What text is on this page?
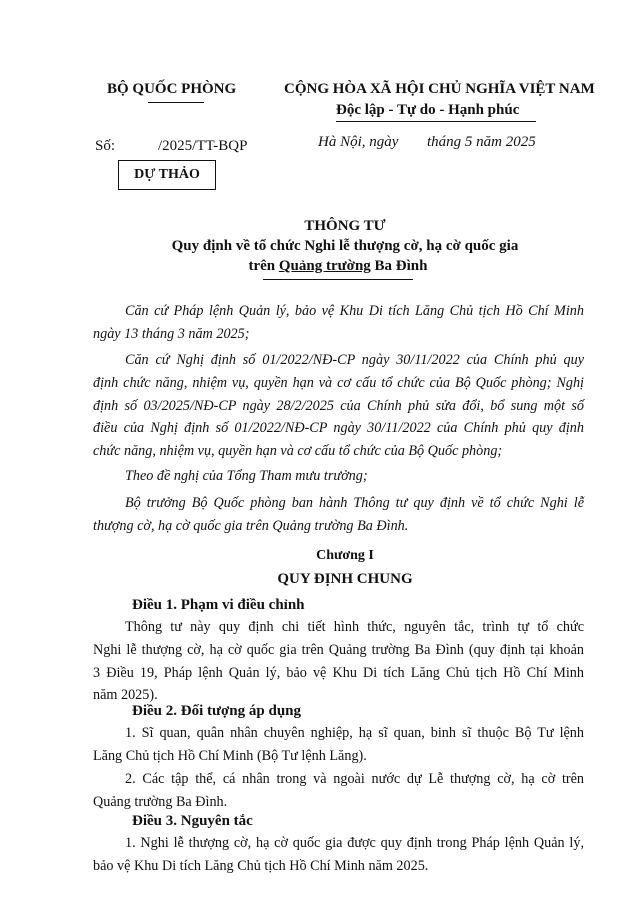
BỘ QUỐC PHÒNG	CỘNG HÒA XÃ HỘI CHỦ NGHĨA VIỆT NAM
Độc lập - Tự do - Hạnh phúc
Số:	/2025/TT-BQP	Hà Nội, ngày tháng 5 năm 2025
DỰ THẢO
THÔNG TƯ
Quy định về tổ chức Nghi lễ thượng cờ, hạ cờ quốc gia
trên Quảng trường Ba Đình
Căn cứ Pháp lệnh Quản lý, bảo vệ Khu Di tích Lăng Chủ tịch Hồ Chí Minh
ngày 13 tháng 3 năm 2025;
Căn cứ Nghị định số 01/2022/NĐ-CP ngày 30/11/2022 của Chính phủ quy
định chức năng, nhiệm vụ, quyền hạn và cơ cấu tổ chức của Bộ Quốc phòng; Nghị
định số 03/2025/NĐ-CP ngày 28/2/2025 của Chính phủ sửa đổi, bổ sung một số
điều của Nghị định số 01/2022/NĐ-CP ngày 30/11/2022 của Chính phủ quy định
chức năng, nhiệm vụ, quyền hạn và cơ cấu tổ chức của Bộ Quốc phòng;
Theo đề nghị của Tổng Tham mưu trưởng;
Bộ trưởng Bộ Quốc phòng ban hành Thông tư quy định về tổ chức Nghi lễ
thượng cờ, hạ cờ quốc gia trên Quảng trường Ba Đình.
Chương I
QUY ĐỊNH CHUNG
Điều 1. Phạm vi điều chỉnh
Thông tư này quy định chi tiết hình thức, nguyên tắc, trình tự tổ chức
Nghi lễ thượng cờ, hạ cờ quốc gia trên Quảng trường Ba Đình (quy định tại khoản
3 Điều 19, Pháp lệnh Quản lý, bảo vệ Khu Di tích Lăng Chủ tịch Hồ Chí Minh
năm 2025).
Điều 2. Đối tượng áp dụng
1. Sĩ quan, quân nhân chuyên nghiệp, hạ sĩ quan, binh sĩ thuộc Bộ Tư lệnh
Lăng Chủ tịch Hồ Chí Minh (Bộ Tư lệnh Lăng).
2. Các tập thể, cá nhân trong và ngoài nước dự Lễ thượng cờ, hạ cờ trên
Quảng trường Ba Đình.
Điều 3. Nguyên tắc
1. Nghi lễ thượng cờ, hạ cờ quốc gia được quy định trong Pháp lệnh Quản lý,
bảo vệ Khu Di tích Lăng Chủ tịch Hồ Chí Minh năm 2025.
